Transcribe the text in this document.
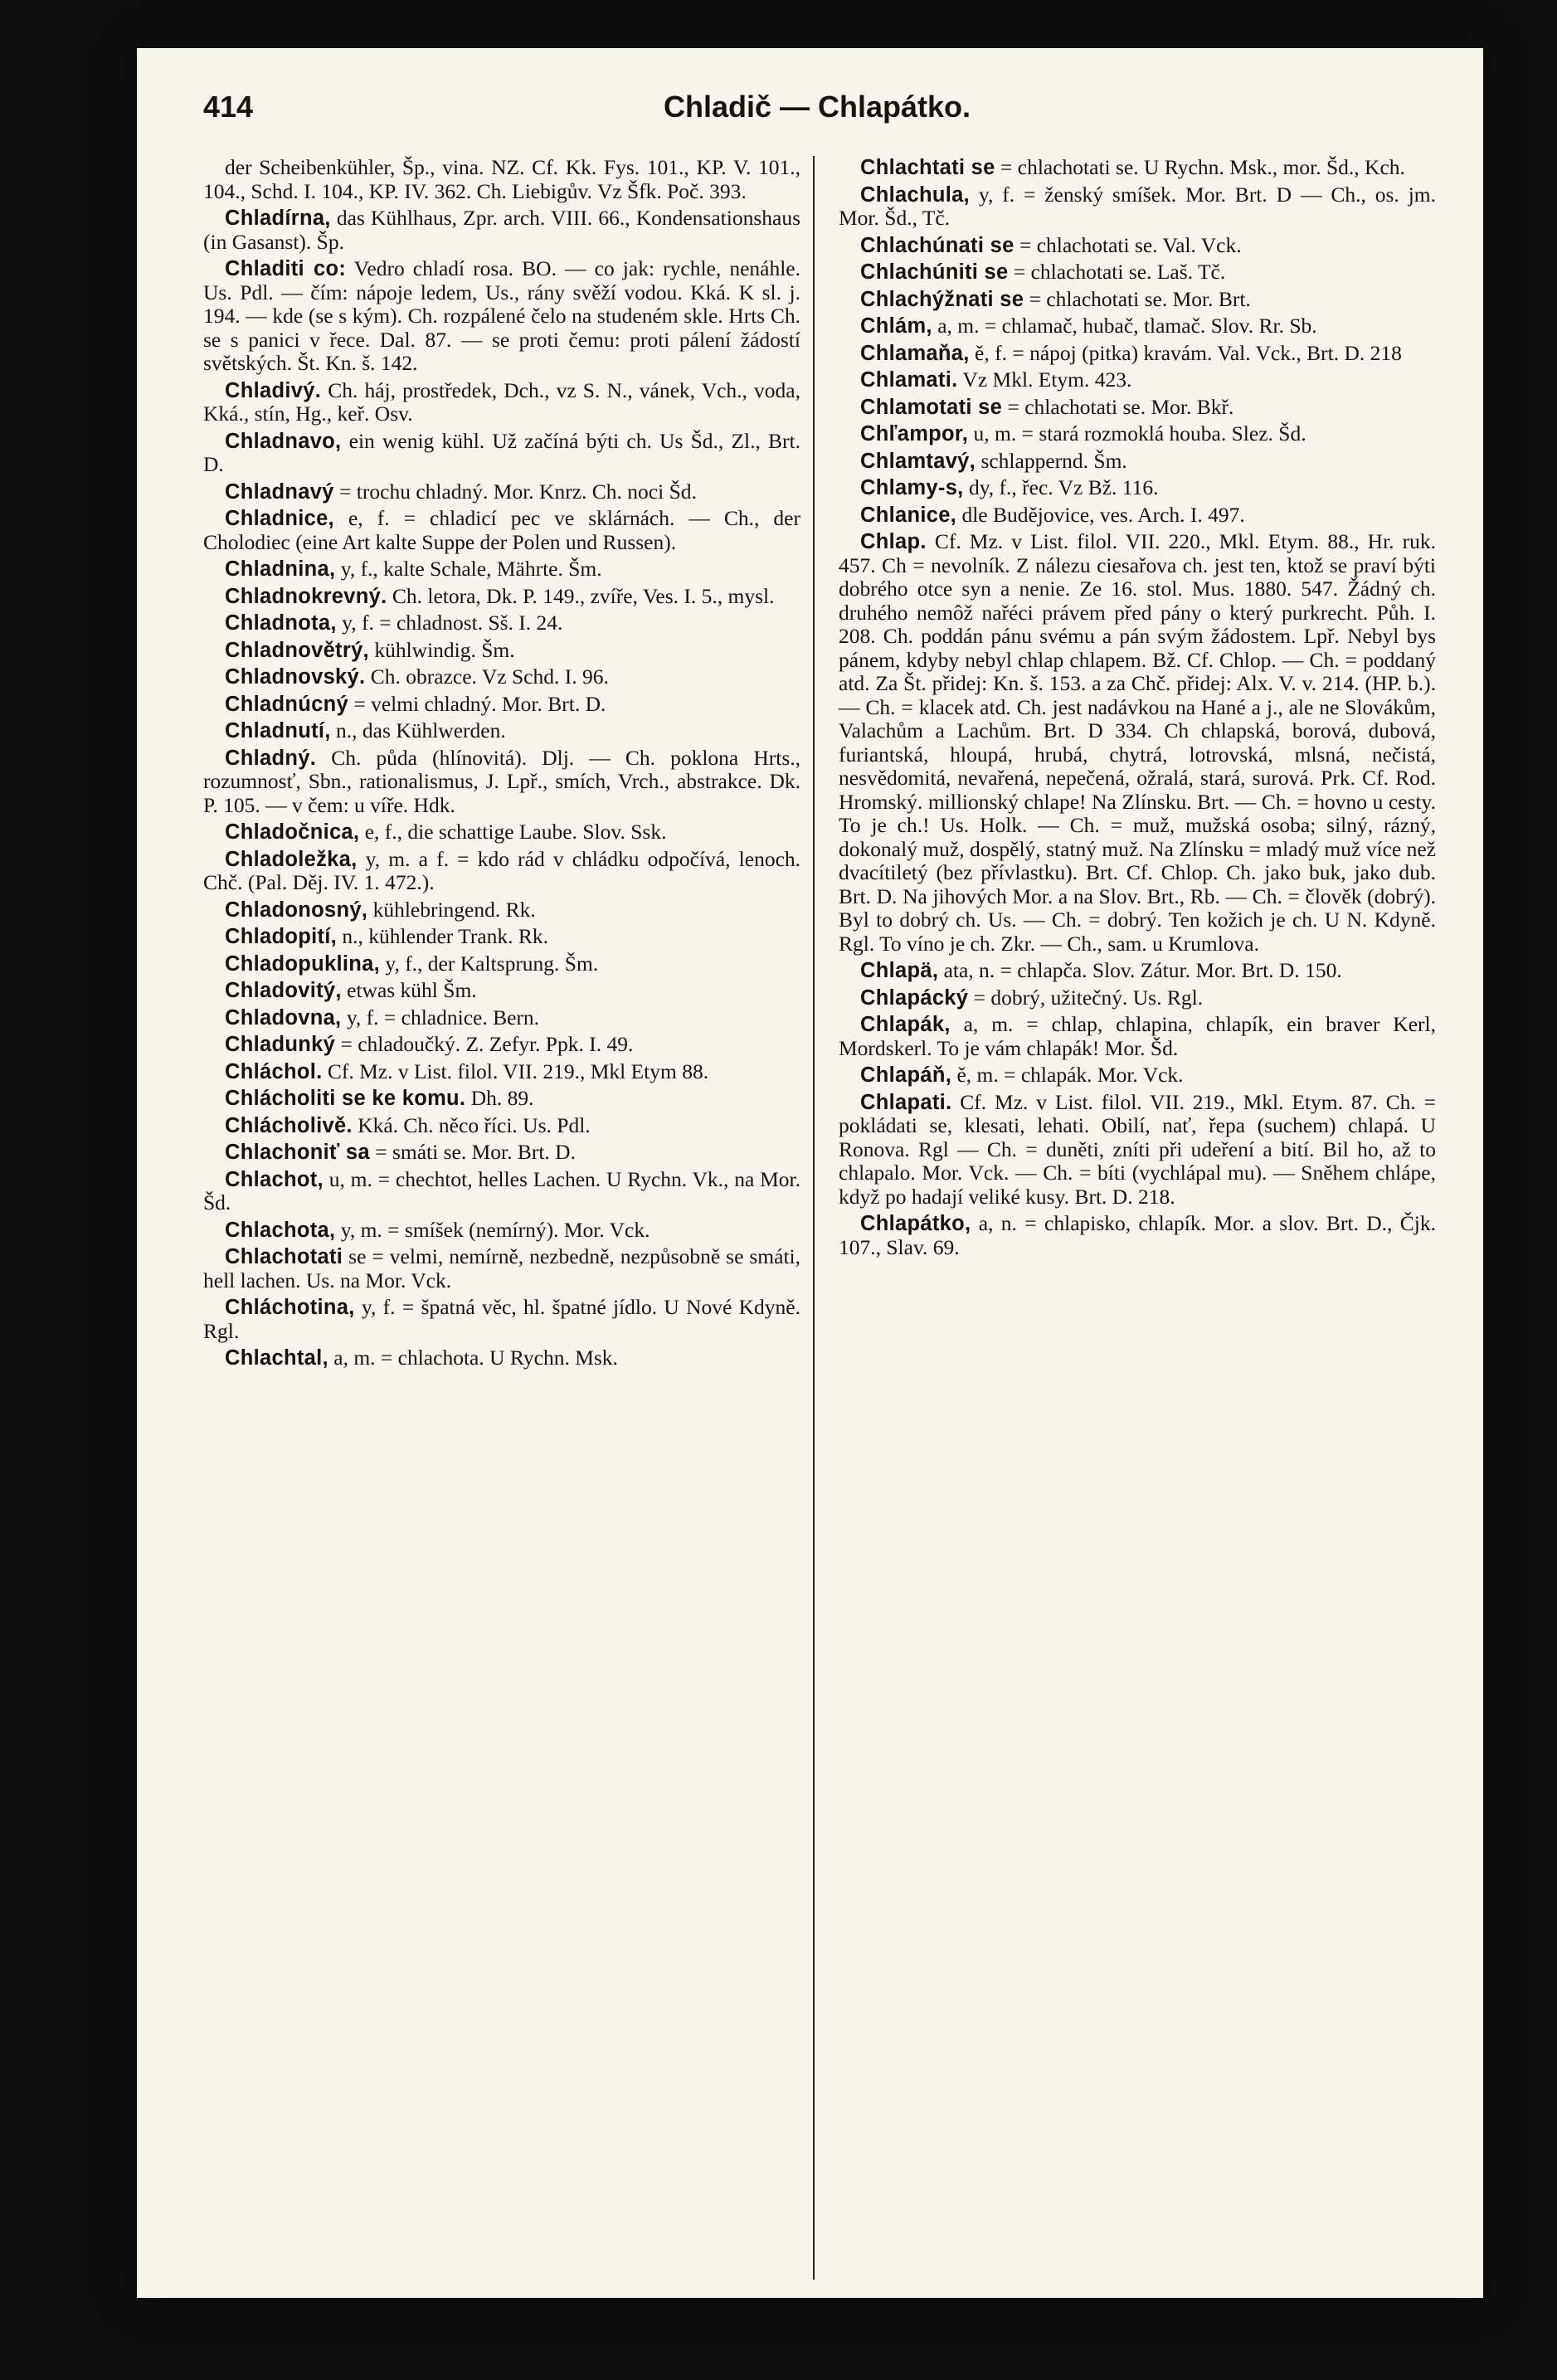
414	Chladič — Chlapátko.

der Scheibenkühler, Šp., vina. NZ. Cf. Kk. Fys. 101., KP. V. 101., 104., Schd. I. 104., KP. IV. 362. Ch. Liebigův. Vz Šfk. Poč. 393.

Chladírna, das Kühlhaus, Zpr. arch. VIII. 66., Kondensationshaus (in Gasanst). Šp.

Chladiti co: Vedro chladí rosa. BO. — co jak: rychle, nenáhle. Us. Pdl. — čím: nápoje ledem, Us., rány svěží vodou. Kká. K sl. j. 194. — kde (se s kým). Ch. rozpálené čelo na studeném skle. Hrts Ch. se s panici v řece. Dal. 87. — se proti čemu: proti pálení žádostí světských. Št. Kn. š. 142.

Chladivý. Ch. háj, prostředek, Dch., vz S. N., vánek, Vch., voda, Kká., stín, Hg., keř. Osv.

Chladnavo, ein wenig kühl. Už začíná býti ch. Us Šd., Zl., Brt. D.

Chladnavý = trochu chladný. Mor. Knrz. Ch. noci Šd.

Chladnice, e, f. = chladicí pec ve sklárnách. — Ch., der Cholodiec (eine Art kalte Suppe der Polen und Russen).

Chladnina, y, f., kalte Schale, Mährte. Šm.

Chladnokrevný. Ch. letora, Dk. P. 149., zvíře, Ves. I. 5., mysl.

Chladnota, y, f. = chladnost. Sš. I. 24.

Chladnovětrý, kühlwindig. Šm.

Chladnovský. Ch. obrazce. Vz Schd. I. 96.

Chladnúcný = velmi chladný. Mor. Brt. D.

Chladnutí, n., das Kühlwerden.

Chladný. Ch. půda (hlínovitá). Dlj. — Ch. poklona Hrts., rozumnosť, Sbn., rationalismus, J. Lpř., smích, Vrch., abstrakce. Dk. P. 105. — v čem: u víře. Hdk.

Chladočnica, e, f., die schattige Laube. Slov. Ssk.

Chladoležka, y, m. a f. = kdo rád v chládku odpočívá, lenoch. Chč. (Pal. Děj. IV. 1. 472.).

Chladonosný, kühlebringend. Rk.

Chladopití, n., kühlender Trank. Rk.

Chladopuklina, y, f., der Kaltsprung. Šm.

Chladovitý, etwas kühl Šm.

Chladovna, y, f. = chladnice. Bern.

Chladunký = chladoučký. Z. Zefyr. Ppk. I. 49.

Chláchol. Cf. Mz. v List. filol. VII. 219., Mkl Etym 88.

Chlácholiti se ke komu. Dh. 89.

Chlácholivě. Kká. Ch. něco říci. Us. Pdl.

Chlachoniť sa = smáti se. Mor. Brt. D.

Chlachot, u, m. = chechtot, helles Lachen. U Rychn. Vk., na Mor. Šd.

Chlachota, y, m. = smíšek (nemírný). Mor. Vck.

Chlachotati se = velmi, nemírně, nezbedně, nezpůsobně se smáti, hell lachen. Us. na Mor. Vck.

Chláchotina, y, f. = špatná věc, hl. špatné jídlo. U Nové Kdyně. Rgl.

Chlachtal, a, m. = chlachota. U Rychn. Msk.

Chlachtati se = chlachotati se. U Rychn. Msk., mor. Šd., Kch.

Chlachula, y, f. = ženský smíšek. Mor. Brt. D — Ch., os. jm. Mor. Šd., Tč.

Chlachúnati se = chlachotati se. Val. Vck.

Chlachúniti se = chlachotati se. Laš. Tč.

Chlachýžnati se = chlachotati se. Mor. Brt.

Chlám, a, m. = chlamač, hubač, tlamač. Slov. Rr. Sb.

Chlamaňa, ě, f. = nápoj (pitka) kravám. Val. Vck., Brt. D. 218

Chlamati. Vz Mkl. Etym. 423.

Chlamotati se = chlachotati se. Mor. Bkř.

Chľampor, u, m. = stará rozmoklá houba. Slez. Šd.

Chlamtavý, schlappernd. Šm.

Chlamy-s, dy, f., řec. Vz Bž. 116.

Chlanice, dle Budějovice, ves. Arch. I. 497.

Chlap. Cf. Mz. v List. filol. VII. 220., Mkl. Etym. 88., Hr. ruk. 457. Ch = nevolník. Z nálezu ciesařova ch. jest ten, ktož se praví býti dobrého otce syn a nenie. Ze 16. stol. Mus. 1880. 547. Žádný ch. druhého nemôž nařéci právem před pány o který purkrecht. Půh. I. 208. Ch. poddán pánu svému a pán svým žádostem. Lpř. Nebyl bys pánem, kdyby nebyl chlap chlapem. Bž. Cf. Chlop. — Ch. = poddaný atd. Za Št. přidej: Kn. š. 153. a za Chč. přidej: Alx. V. v. 214. (HP. b.). — Ch. = klacek atd. Ch. jest nadávkou na Hané a j., ale ne Slovákům, Valachům a Lachům. Brt. D 334. Ch chlapská, borová, dubová, furiantská, hloupá, hrubá, chytrá, lotrovská, mlsná, nečistá, nesvědomitá, nevařená, nepečená, ožralá, stará, surová. Prk. Cf. Rod. Hromský. millionský chlape! Na Zlínsku. Brt. — Ch. = hovno u cesty. To je ch.! Us. Holk. — Ch. = muž, mužská osoba; silný, rázný, dokonalý muž, dospělý, statný muž. Na Zlínsku = mladý muž více než dvacítiletý (bez přívlastku). Brt. Cf. Chlop. Ch. jako buk, jako dub. Brt. D. Na jihových Mor. a na Slov. Brt., Rb. — Ch. = člověk (dobrý). Byl to dobrý ch. Us. — Ch. = dobrý. Ten kožich je ch. U N. Kdyně. Rgl. To víno je ch. Zkr. — Ch., sam. u Krumlova.

Chlapä, ata, n. = chlapča. Slov. Zátur. Mor. Brt. D. 150.

Chlapácký = dobrý, užitečný. Us. Rgl.

Chlapák, a, m. = chlap, chlapina, chlapík, ein braver Kerl, Mordskerl. To je vám chlapák! Mor. Šd.

Chlapáň, ě, m. = chlapák. Mor. Vck.

Chlapati. Cf. Mz. v List. filol. VII. 219., Mkl. Etym. 87. Ch. = pokládati se, klesati, lehati. Obilí, nať, řepa (suchem) chlapá. U Ronova. Rgl — Ch. = duněti, zníti při udeření a bití. Bil ho, až to chlapalo. Mor. Vck. — Ch. = bíti (vychlápal mu). — Sněhem chlápe, když po hadají veliké kusy. Brt. D. 218.

Chlapátko, a, n. = chlapisko, chlapík. Mor. a slov. Brt. D., Čjk. 107., Slav. 69.
